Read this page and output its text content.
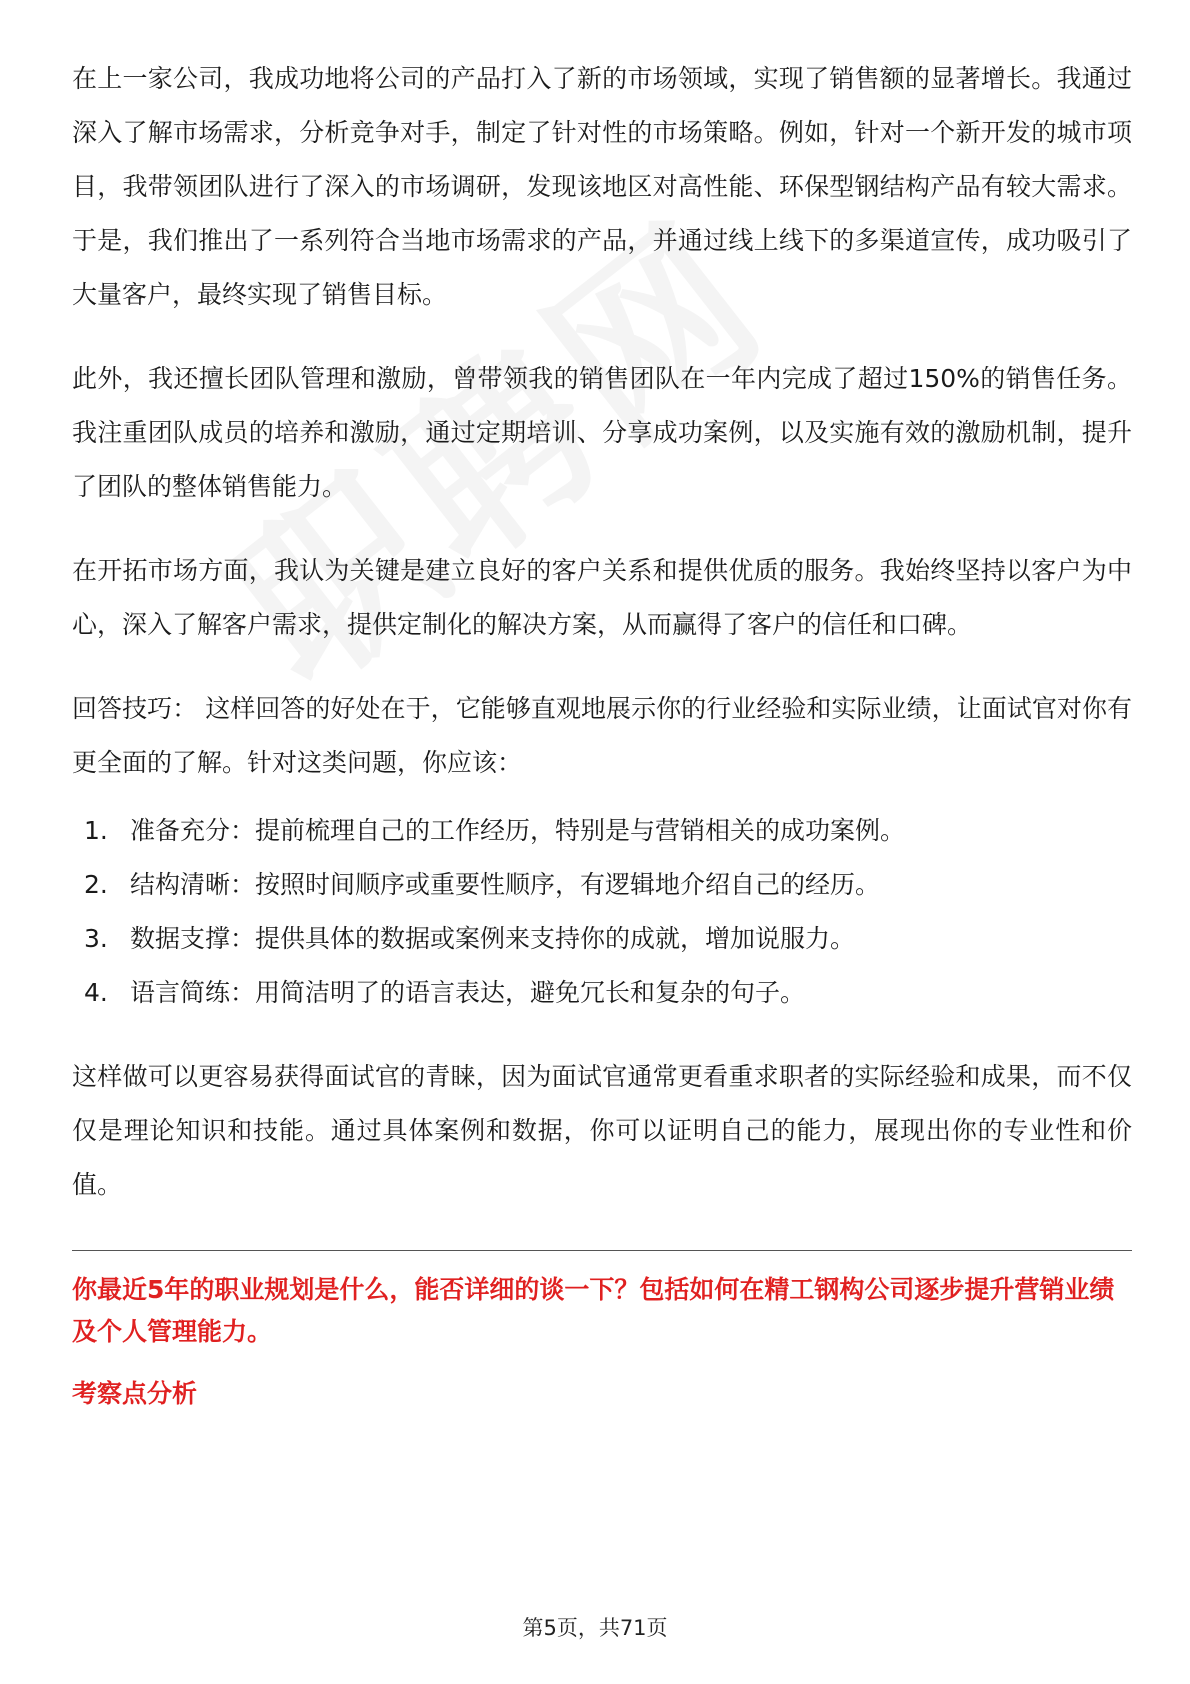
在上一家公司，我成功地将公司的产品打入了新的市场领域，实现了销售额的显著增长。我通过深入了解市场需求，分析竞争对手，制定了针对性的市场策略。例如，针对一个新开发的城市项目，我带领团队进行了深入的市场调研，发现该地区对高性能、环保型钢结构产品有较大需求。于是，我们推出了一系列符合当地市场需求的产品，并通过线上线下的多渠道宣传，成功吸引了大量客户，最终实现了销售目标。

此外，我还擅长团队管理和激励，曾带领我的销售团队在一年内完成了超过150%的销售任务。我注重团队成员的培养和激励，通过定期培训、分享成功案例，以及实施有效的激励机制，提升了团队的整体销售能力。

在开拓市场方面，我认为关键是建立良好的客户关系和提供优质的服务。我始终坚持以客户为中心，深入了解客户需求，提供定制化的解决方案，从而赢得了客户的信任和口碑。

回答技巧： 这样回答的好处在于，它能够直观地展示你的行业经验和实际业绩，让面试官对你有更全面的了解。针对这类问题，你应该：

1. 准备充分：提前梳理自己的工作经历，特别是与营销相关的成功案例。
2. 结构清晰：按照时间顺序或重要性顺序，有逻辑地介绍自己的经历。
3. 数据支撑：提供具体的数据或案例来支持你的成就，增加说服力。
4. 语言简练：用简洁明了的语言表达，避免冗长和复杂的句子。

这样做可以更容易获得面试官的青睐，因为面试官通常更看重求职者的实际经验和成果，而不仅仅是理论知识和技能。通过具体案例和数据，你可以证明自己的能力，展现出你的专业性和价值。

你最近5年的职业规划是什么，能否详细的谈一下？包括如何在精工钢构公司逐步提升营销业绩及个人管理能力。

考察点分析

第5页，共71页
